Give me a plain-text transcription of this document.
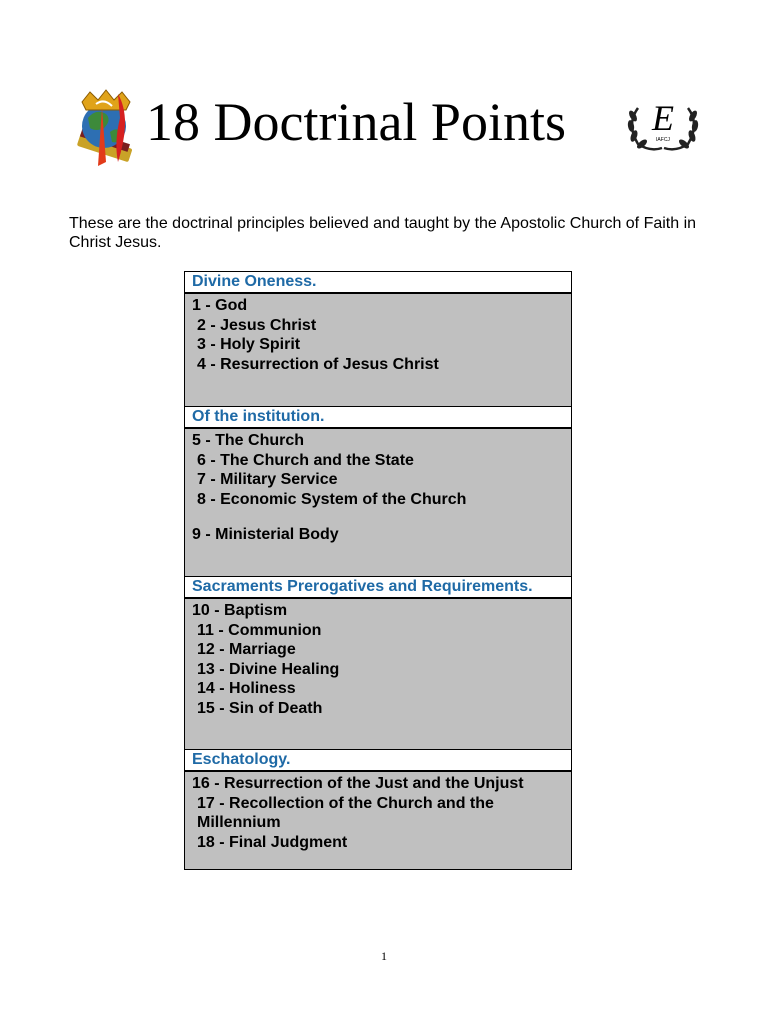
18 Doctrinal Points E
IAFCJ
These are the doctrinal principles believed and taught by the Apostolic Church of Faith in Christ Jesus.
Divine Oneness.
1 - God
2 - Jesus Christ
3 - Holy Spirit
4 - Resurrection of Jesus Christ
Of the institution.
5 - The Church
6 - The Church and the State
7 - Military Service
8 - Economic System of the Church
9 - Ministerial Body
Sacraments Prerogatives and Requirements.
10 - Baptism
11 - Communion
12 - Marriage
13 - Divine Healing
14 - Holiness
15 - Sin of Death
Eschatology.
16 - Resurrection of the Just and the Unjust
17 - Recollection of the Church and the Millennium
18 - Final Judgment
1
